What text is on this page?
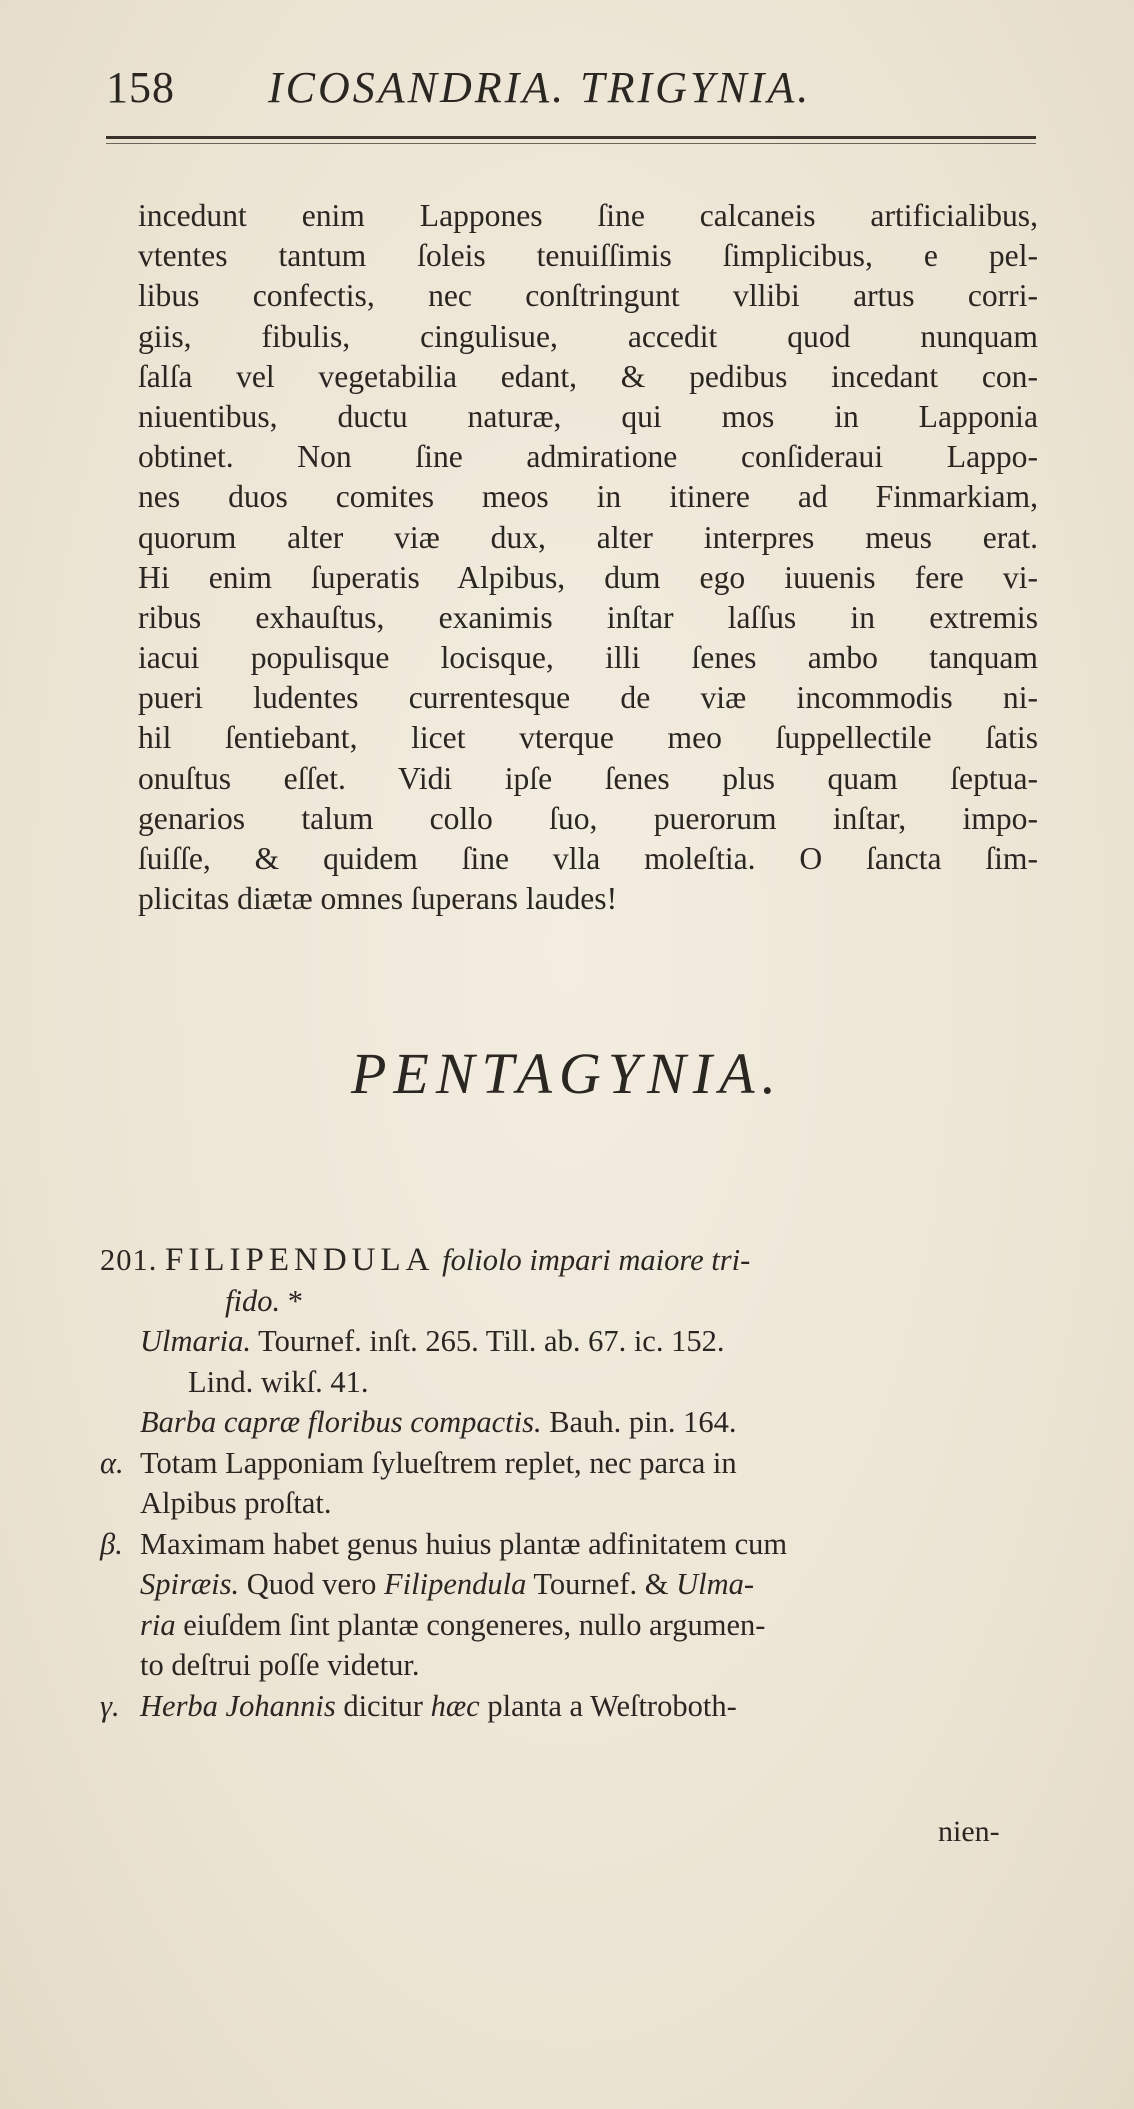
158 ICOSANDRIA. TRIGYNIA.
incedunt enim Lappones ſine calcaneis artificialibus,
vtentes tantum ſoleis tenuiſſimis ſimplicibus, e pel-
libus confectis, nec conſtringunt vllibi artus corri-
giis, fibulis, cingulisue, accedit quod nunquam
ſalſa vel vegetabilia edant, & pedibus incedant con-
niuentibus, ductu naturæ, qui mos in Lapponia
obtinet. Non ſine admiratione conſideraui Lappo-
nes duos comites meos in itinere ad Finmarkiam,
quorum alter viæ dux, alter interpres meus erat.
Hi enim ſuperatis Alpibus, dum ego iuuenis fere vi-
ribus exhauſtus, exanimis inſtar laſſus in extremis
iacui populisque locisque, illi ſenes ambo tanquam
pueri ludentes currentesque de viæ incommodis ni-
hil ſentiebant, licet vterque meo ſuppellectile ſatis
onuſtus eſſet. Vidi ipſe ſenes plus quam ſeptua-
genarios talum collo ſuo, puerorum inſtar, impo-
ſuiſſe, & quidem ſine vlla moleſtia. O ſancta ſim-
plicitas diætæ omnes ſuperans laudes!
PENTAGYNIA.
201. FILIPENDULA foliolo impari maiore tri-
fido. *
Ulmaria. Tournef. inſt. 265. Till. ab. 67. ic. 152.
Lind. wikſ. 41.
Barba capræ floribus compactis. Bauh. pin. 164.
α. Totam Lapponiam ſylueſtrem replet, nec parca in
Alpibus proſtat.
β. Maximam habet genus huius plantæ adfinitatem cum
Spiræis. Quod vero Filipendula Tournef. & Ulma-
ria eiuſdem ſint plantæ congeneres, nullo argumen-
to deſtrui poſſe videtur.
γ. Herba Johannis dicitur hæc planta a Weſtroboth-
nien-
